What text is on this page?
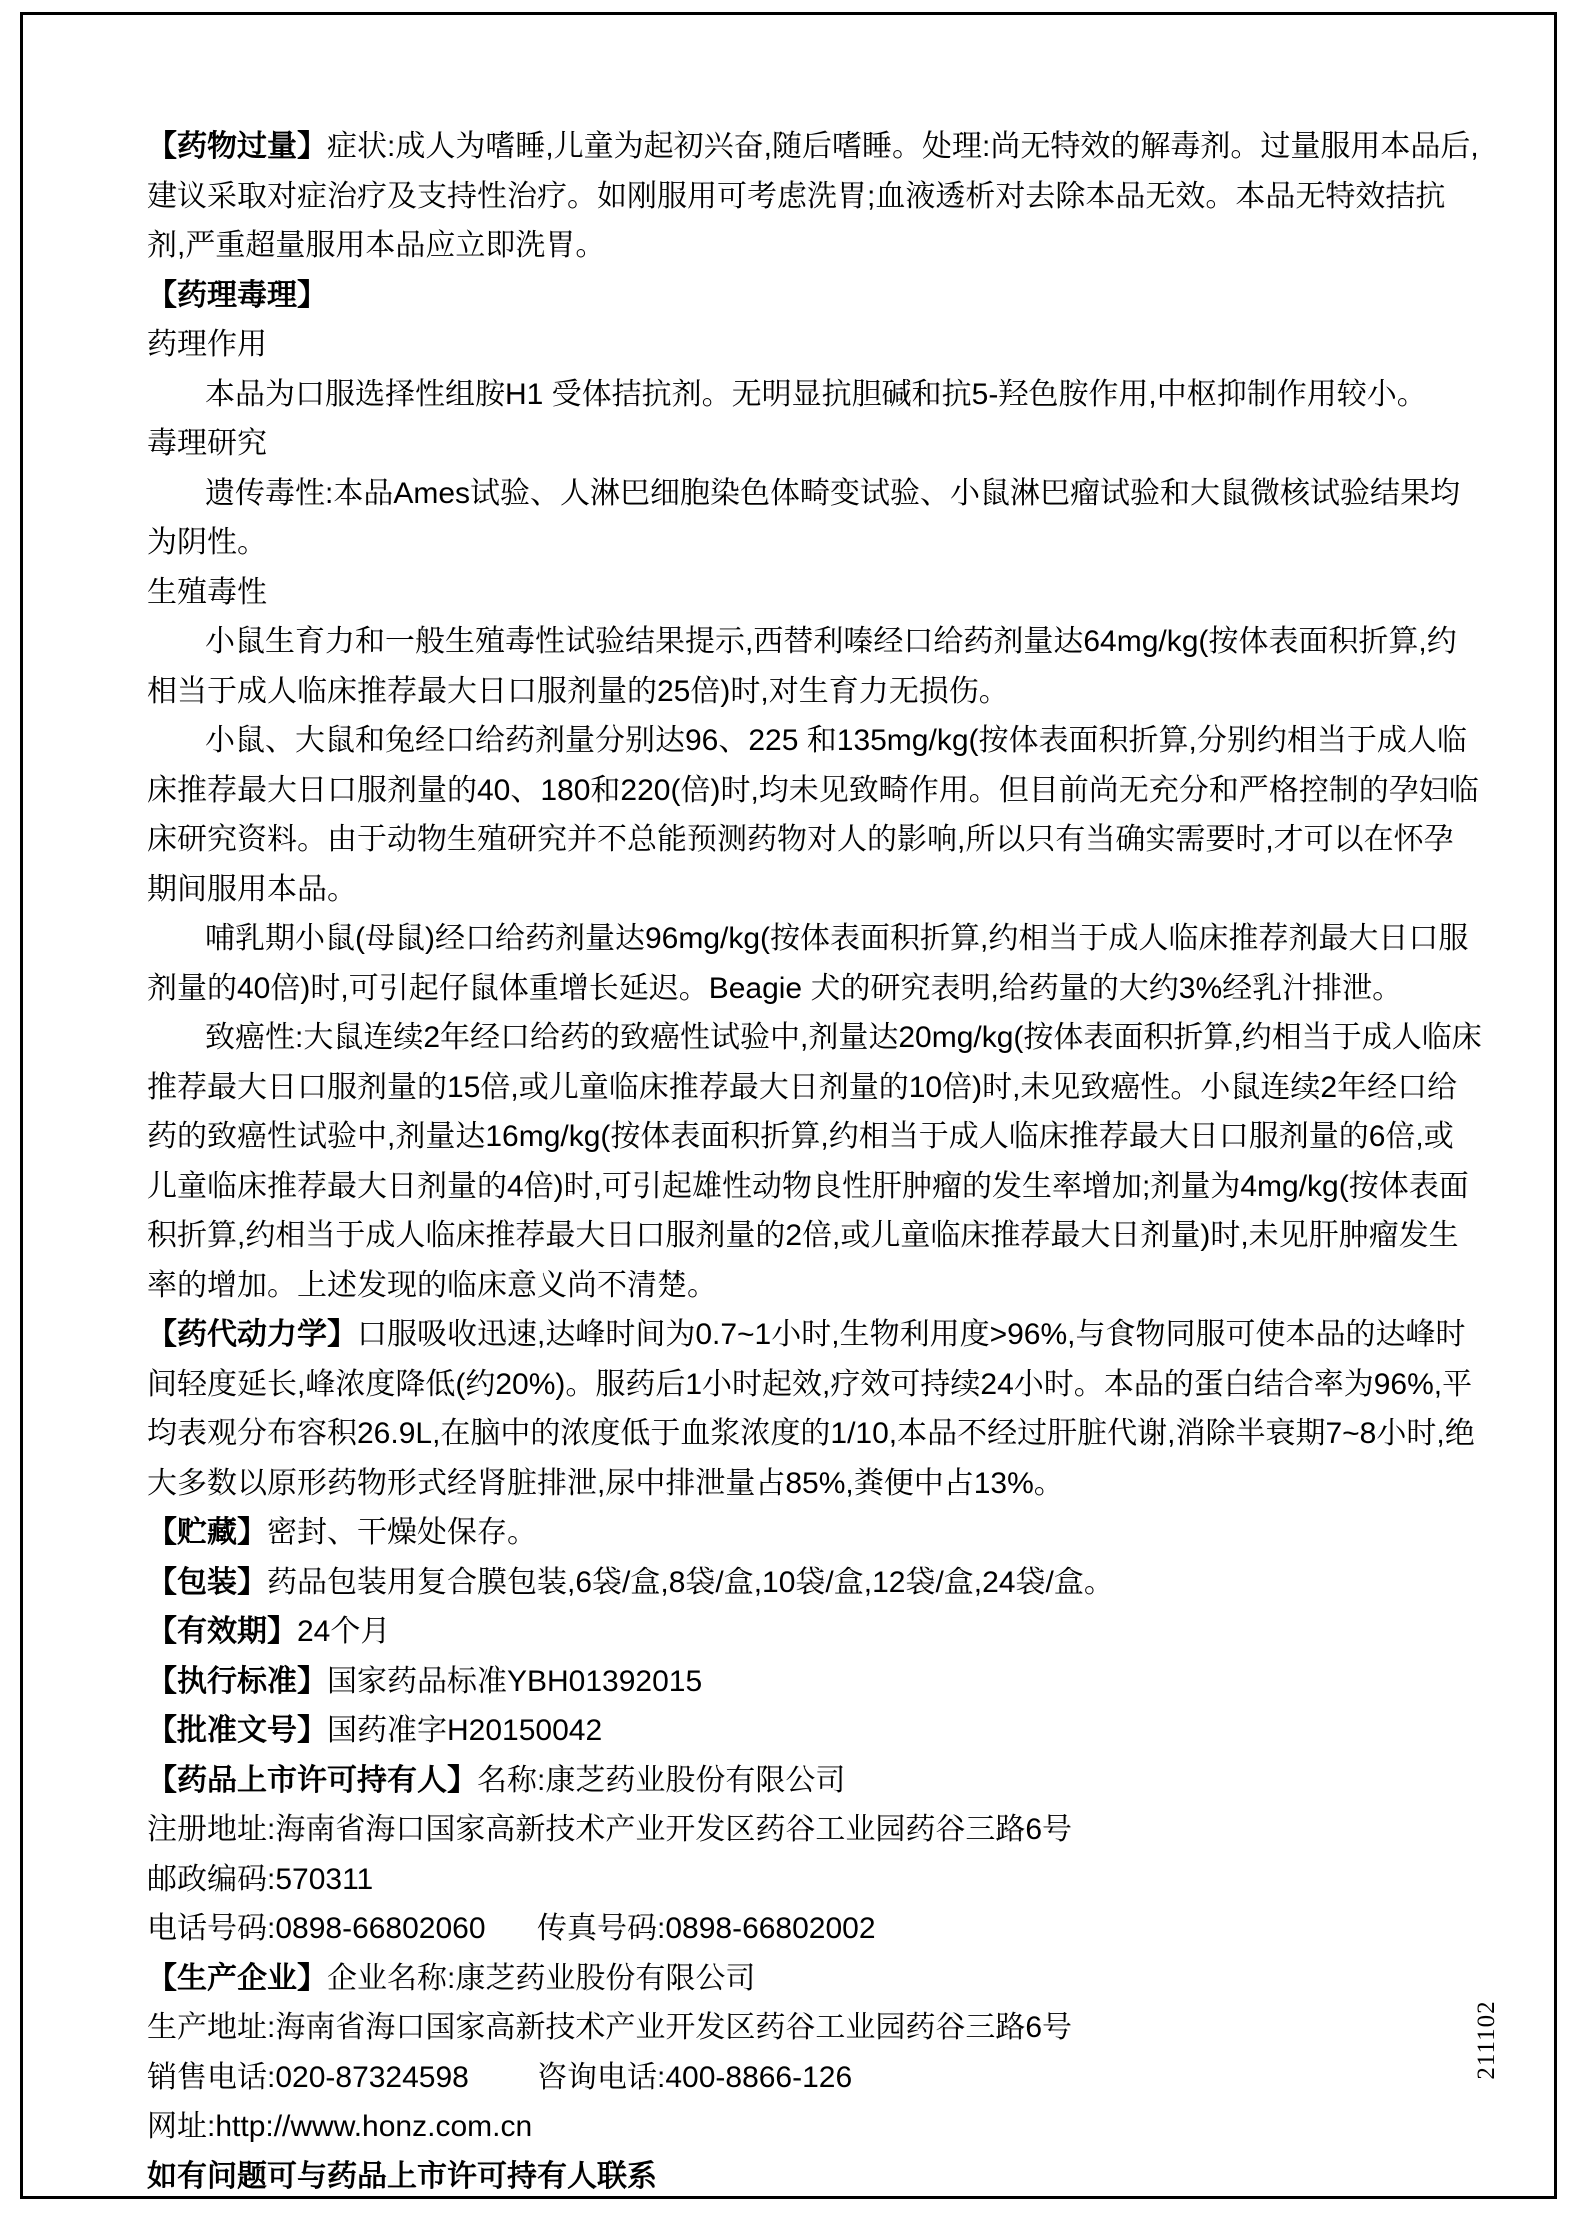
【药物过量】症状:成人为嗜睡,儿童为起初兴奋,随后嗜睡。处理:尚无特效的解毒剂。过量服用本品后,建议采取对症治疗及支持性治疗。如刚服用可考虑洗胃;血液透析对去除本品无效。本品无特效拮抗剂,严重超量服用本品应立即洗胃。

【药理毒理】

药理作用

本品为口服选择性组胺H1 受体拮抗剂。无明显抗胆碱和抗5-羟色胺作用,中枢抑制作用较小。

毒理研究

遗传毒性:本品Ames试验、人淋巴细胞染色体畸变试验、小鼠淋巴瘤试验和大鼠微核试验结果均为阴性。

生殖毒性

小鼠生育力和一般生殖毒性试验结果提示,西替利嗪经口给药剂量达64mg/kg(按体表面积折算,约相当于成人临床推荐最大日口服剂量的25倍)时,对生育力无损伤。

小鼠、大鼠和兔经口给药剂量分别达96、225 和135mg/kg(按体表面积折算,分别约相当于成人临床推荐最大日口服剂量的40、180和220(倍)时,均未见致畸作用。但目前尚无充分和严格控制的孕妇临床研究资料。由于动物生殖研究并不总能预测药物对人的影响,所以只有当确实需要时,才可以在怀孕期间服用本品。

哺乳期小鼠(母鼠)经口给药剂量达96mg/kg(按体表面积折算,约相当于成人临床推荐剂最大日口服剂量的40倍)时,可引起仔鼠体重增长延迟。Beagie 犬的研究表明,给药量的大约3%经乳汁排泄。

致癌性:大鼠连续2年经口给药的致癌性试验中,剂量达20mg/kg(按体表面积折算,约相当于成人临床推荐最大日口服剂量的15倍,或儿童临床推荐最大日剂量的10倍)时,未见致癌性。小鼠连续2年经口给药的致癌性试验中,剂量达16mg/kg(按体表面积折算,约相当于成人临床推荐最大日口服剂量的6倍,或儿童临床推荐最大日剂量的4倍)时,可引起雄性动物良性肝肿瘤的发生率增加;剂量为4mg/kg(按体表面积折算,约相当于成人临床推荐最大日口服剂量的2倍,或儿童临床推荐最大日剂量)时,未见肝肿瘤发生率的增加。上述发现的临床意义尚不清楚。

【药代动力学】口服吸收迅速,达峰时间为0.7~1小时,生物利用度>96%,与食物同服可使本品的达峰时间轻度延长,峰浓度降低(约20%)。服药后1小时起效,疗效可持续24小时。本品的蛋白结合率为96%,平均表观分布容积26.9L,在脑中的浓度低于血浆浓度的1/10,本品不经过肝脏代谢,消除半衰期7~8小时,绝大多数以原形药物形式经肾脏排泄,尿中排泄量占85%,粪便中占13%。

【贮藏】密封、干燥处保存。

【包装】药品包装用复合膜包装,6袋/盒,8袋/盒,10袋/盒,12袋/盒,24袋/盒。

【有效期】24个月

【执行标准】国家药品标准YBH01392015

【批准文号】国药准字H20150042

【药品上市许可持有人】名称:康芝药业股份有限公司

注册地址:海南省海口国家高新技术产业开发区药谷工业园药谷三路6号

邮政编码:570311

电话号码:0898-66802060 传真号码:0898-66802002

【生产企业】企业名称:康芝药业股份有限公司

生产地址:海南省海口国家高新技术产业开发区药谷工业园药谷三路6号

销售电话:020-87324598 咨询电话:400-8866-126

网址:http://www.honz.com.cn

如有问题可与药品上市许可持有人联系

211102
